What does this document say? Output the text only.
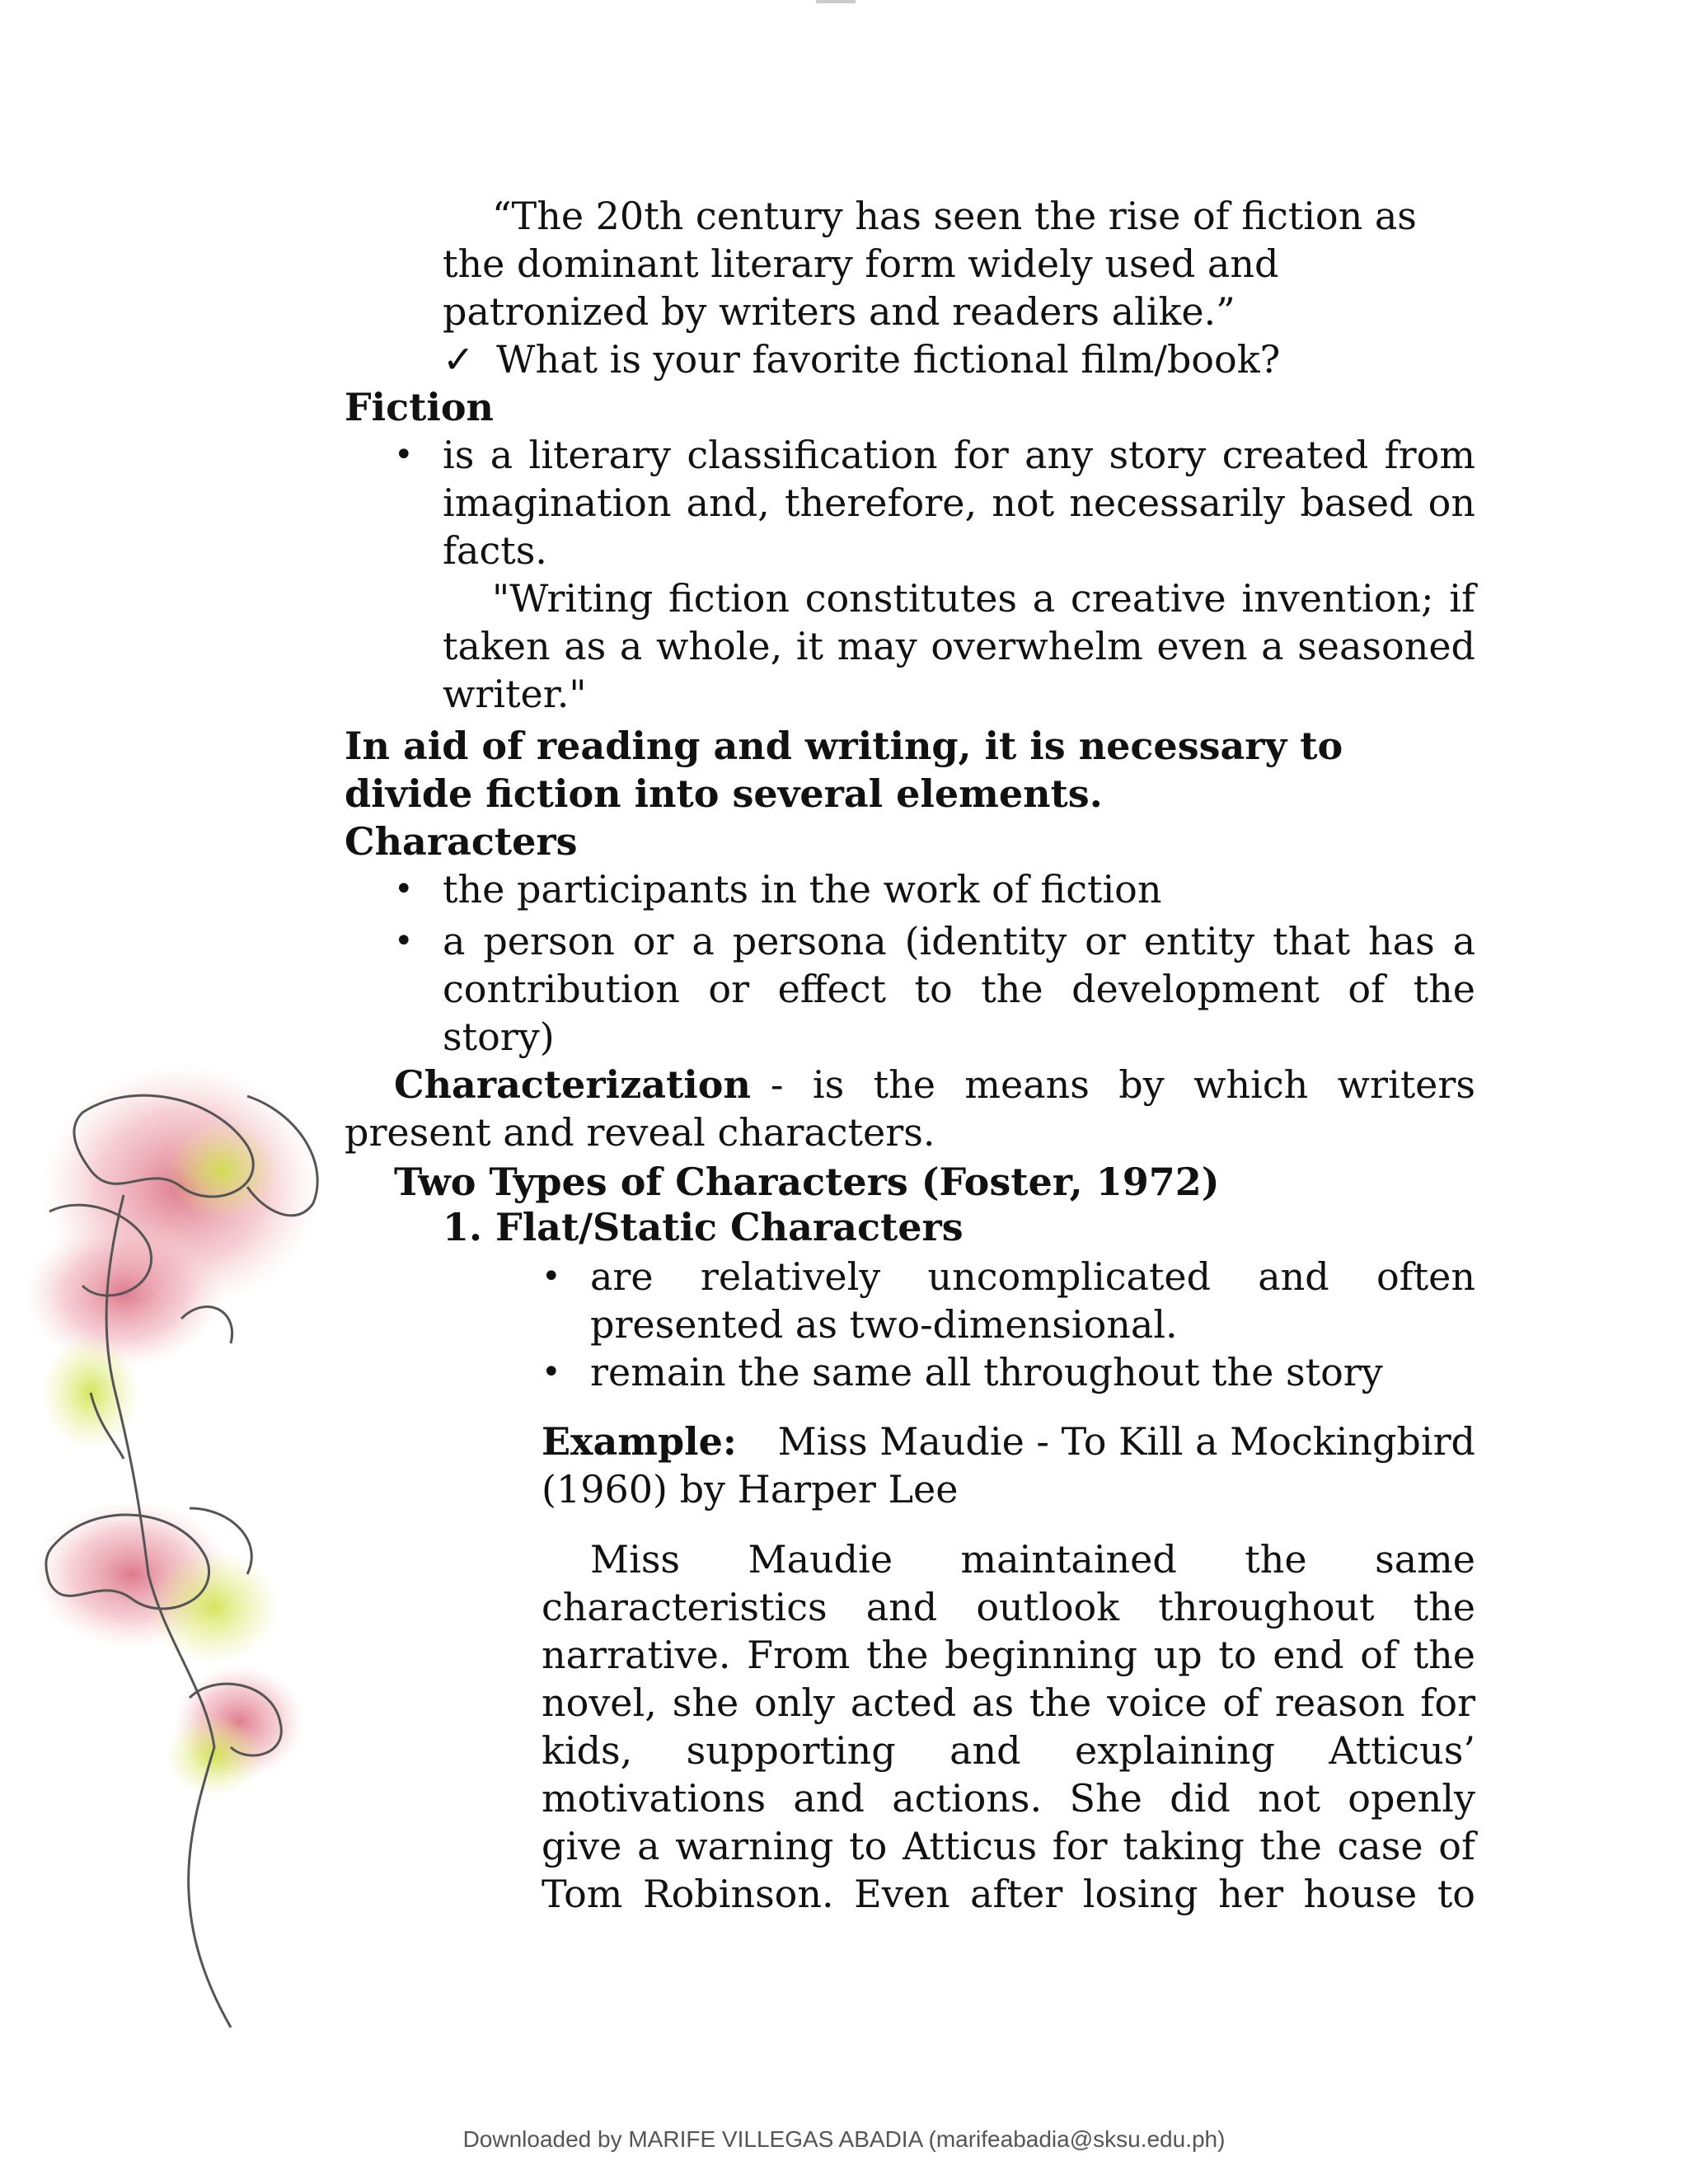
“The 20th century has seen the rise of fiction as
the dominant literary form widely used and
patronized by writers and readers alike.”
✓ What is your favorite fictional film/book?
Fiction
• is a literary classification for any story created from
imagination and, therefore, not necessarily based on
facts.
"Writing fiction constitutes a creative invention; if
taken as a whole, it may overwhelm even a seasoned
writer."
In aid of reading and writing, it is necessary to
divide fiction into several elements.
Characters
• the participants in the work of fiction
• a person or a persona (identity or entity that has a
contribution or effect to the development of the
story)
Characterization - is the means by which writers
present and reveal characters.
Two Types of Characters (Foster, 1972)
1. Flat/Static Characters
• are relatively uncomplicated and often
presented as two-dimensional.
• remain the same all throughout the story
Example: Miss Maudie - To Kill a Mockingbird
(1960) by Harper Lee
Miss Maudie maintained the same
characteristics and outlook throughout the
narrative. From the beginning up to end of the
novel, she only acted as the voice of reason for
kids, supporting and explaining Atticus’
motivations and actions. She did not openly
give a warning to Atticus for taking the case of
Tom Robinson. Even after losing her house to
Downloaded by MARIFE VILLEGAS ABADIA (marifeabadia@sksu.edu.ph)
